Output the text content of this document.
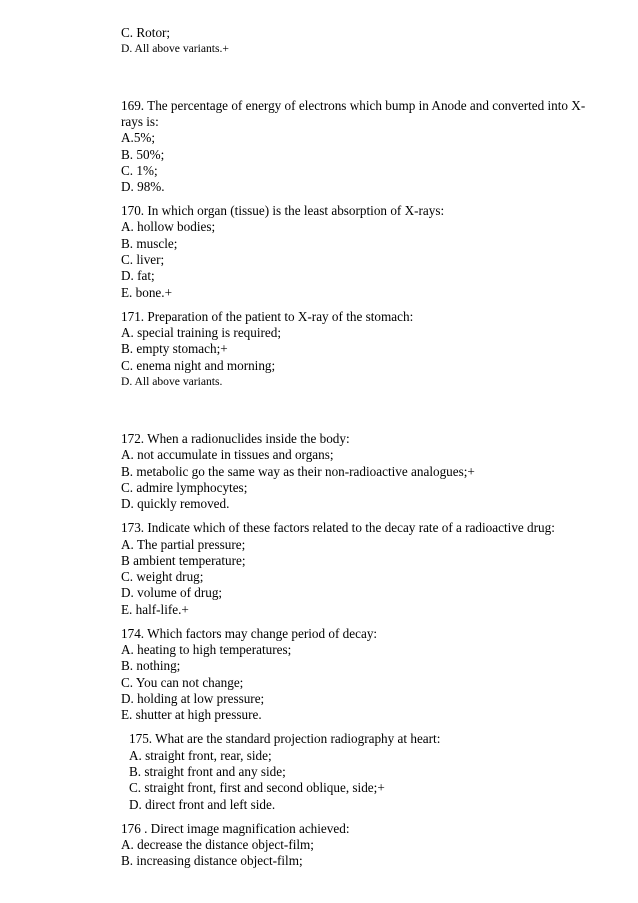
C. Rotor;
D. All above variants.+
169. The percentage of energy of electrons which bump in Anode and converted into X-
rays is:
A.5%;
B. 50%;
C. 1%;
D. 98%.
170. In which organ (tissue) is the least absorption of X-rays:
A. hollow bodies;
B. muscle;
C. liver;
D. fat;
E. bone.+
171. Preparation of the patient to X-ray of the stomach:
A. special training is required;
B. empty stomach;+
C. enema night and morning;
D. All above variants.
172. When a radionuclides inside the body:
A. not accumulate in tissues and organs;
B. metabolic go the same way as their non-radioactive analogues;+
C. admire lymphocytes;
D. quickly removed.
173. Indicate which of these factors related to the decay rate of a radioactive drug:
A. The partial pressure;
B ambient temperature;
C. weight drug;
D. volume of drug;
E. half-life.+
174. Which factors may change period of decay:
A. heating to high temperatures;
B. nothing;
C. You can not change;
D. holding at low pressure;
E. shutter at high pressure.
175. What are the standard projection radiography at heart:
A. straight front, rear, side;
B. straight front and any side;
C. straight front, first and second oblique, side;+
D. direct front and left side.
176 . Direct image magnification achieved:
A. decrease the distance object-film;
B. increasing distance object-film;
